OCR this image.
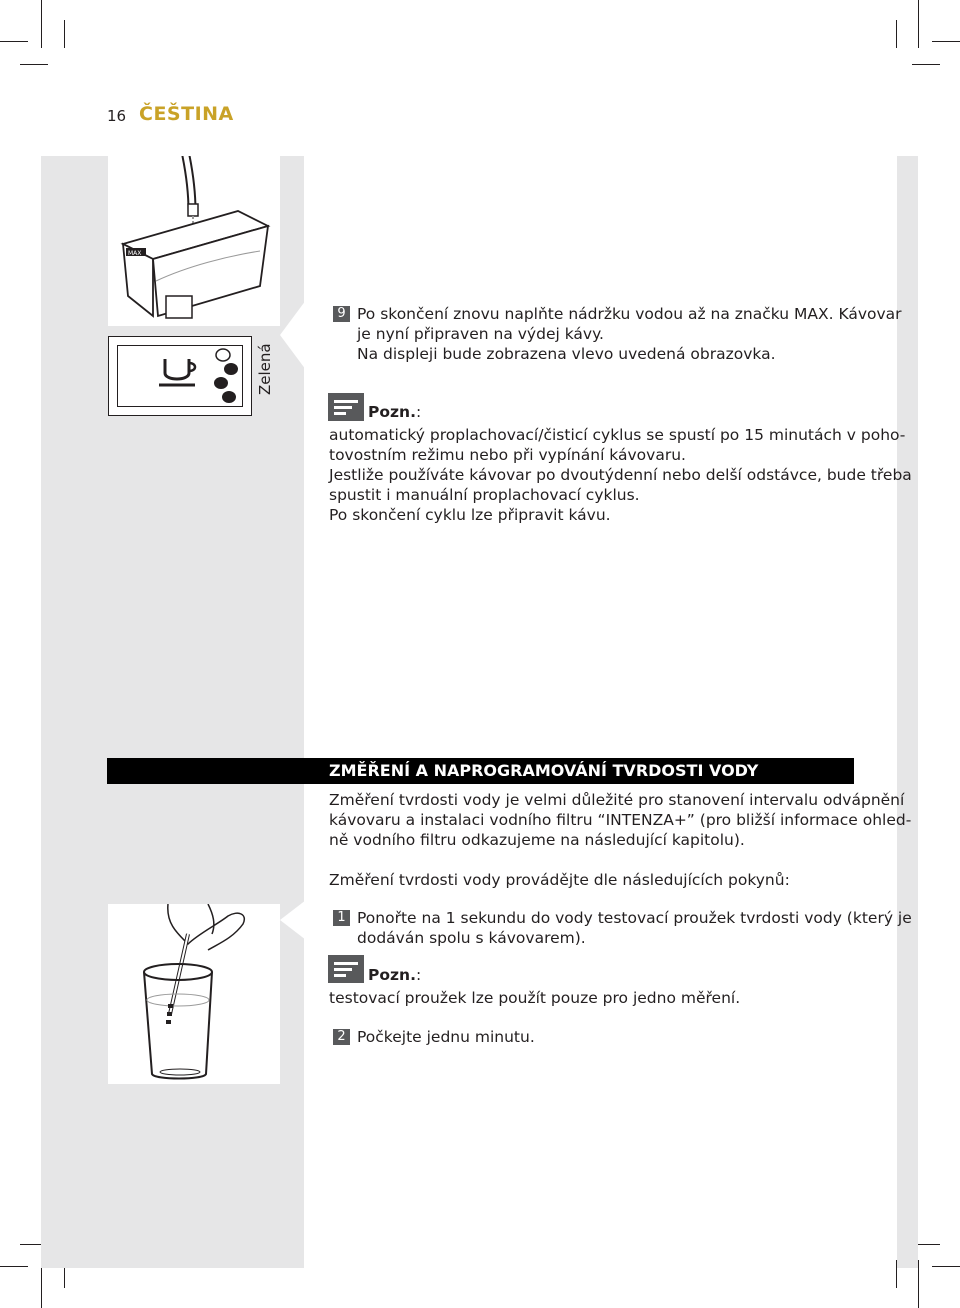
16 ČEŠTINA
MAX
Zelená
9 Po skončení znovu naplňte nádržku vodou až na značku MAX. Kávovar
je nyní připraven na výdej kávy.
Na displeji bude zobrazena vlevo uvedená obrazovka.
Pozn.:
automatický proplachovací/čisticí cyklus se spustí po 15 minutách v poho-
tovostním režimu nebo při vypínání kávovaru.
Jestliže používáte kávovar po dvoutýdenní nebo delší odstávce, bude třeba
spustit i manuální proplachovací cyklus.
Po skončení cyklu lze připravit kávu.
ZMĚŘENÍ A NAPROGRAMOVÁNÍ TVRDOSTI VODY
Změření tvrdosti vody je velmi důležité pro stanovení intervalu odvápnění
kávovaru a instalaci vodního filtru “INTENZA+” (pro bližší informace ohled-
ně vodního filtru odkazujeme na následující kapitolu).
Změření tvrdosti vody provádějte dle následujících pokynů:
1 Ponořte na 1 sekundu do vody testovací proužek tvrdosti vody (který je
dodáván spolu s kávovarem).
Pozn.:
testovací proužek lze použít pouze pro jedno měření.
2 Počkejte jednu minutu.
